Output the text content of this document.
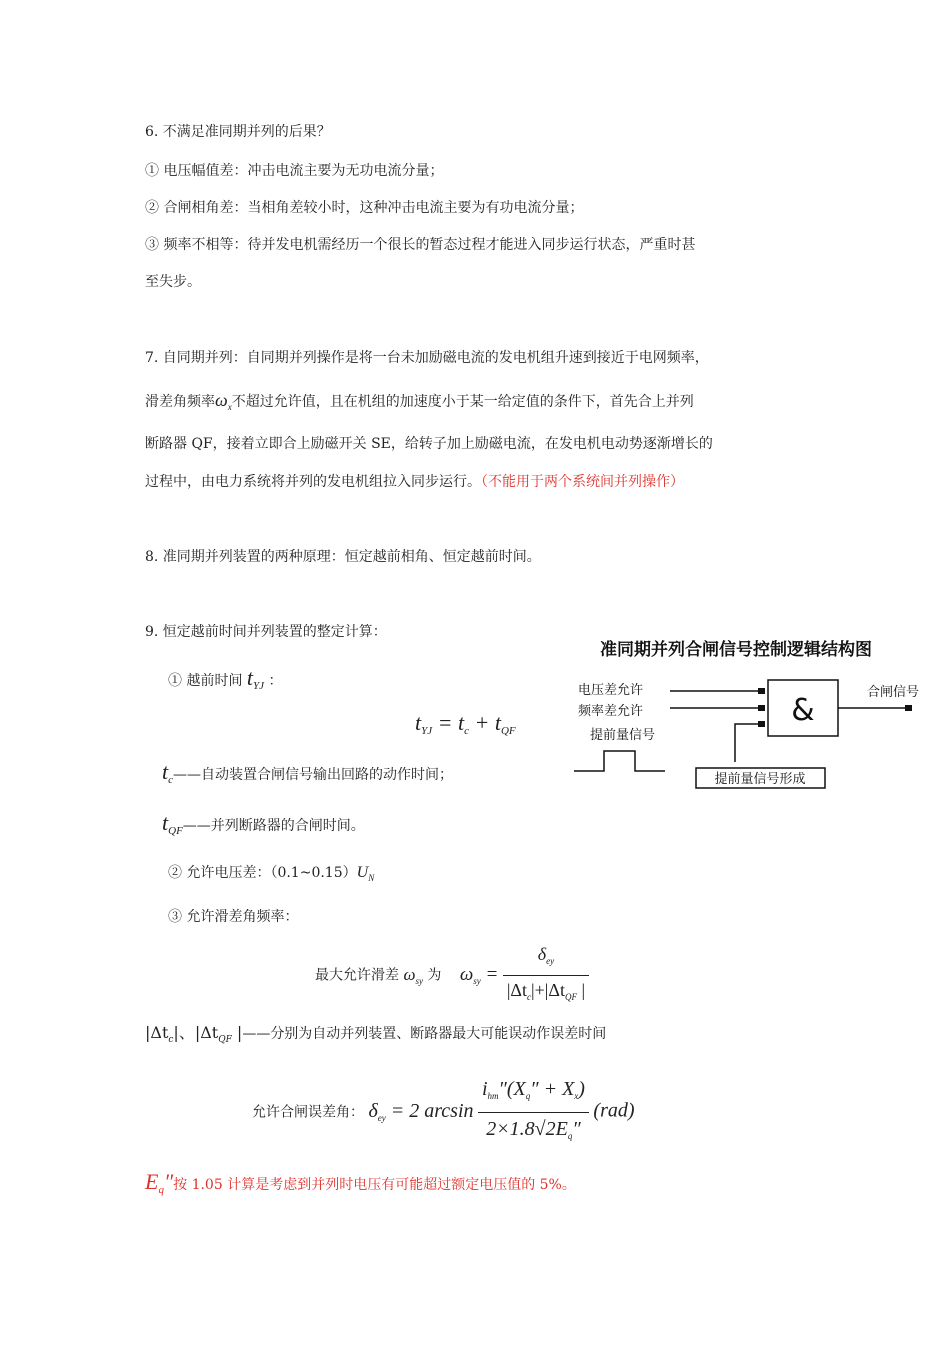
6. 不满足准同期并列的后果？
① 电压幅值差：冲击电流主要为无功电流分量；
② 合闸相角差：当相角差较小时，这种冲击电流主要为有功电流分量；
③ 频率不相等：待并发电机需经历一个很长的暂态过程才能进入同步运行状态，严重时甚
至失步。
7. 自同期并列：自同期并列操作是将一台未加励磁电流的发电机组升速到接近于电网频率，
滑差角频率$\omega_x$不超过允许值，且在机组的加速度小于某一给定值的条件下，首先合上并列
断路器 QF，接着立即合上励磁开关 SE，给转子加上励磁电流，在发电机电动势逐渐增长的
过程中，由电力系统将并列的发电机组拉入同步运行。（不能用于两个系统间并列操作）
8. 准同期并列装置的两种原理：恒定越前相角、恒定越前时间。
9. 恒定越前时间并列装置的整定计算：
① 越前时间 $t_{YJ}$ ：
$t_{YJ} = t_c + t_{QF}$
$t_c——$自动装置合闸信号输出回路的动作时间；
$t_{QF}——$并列断路器的合闸时间。
② 允许电压差：$(0.1\sim 0.15)U_N$
③ 允许滑差角频率：
最大允许滑差 $\omega_{sy}$ 为 $\omega_{sy} = \frac{\delta_{ey}}{|\Delta t_c|+|\Delta t_{QF} |}$
$|\Delta t_c|$、$|\Delta t_{QF}$ |——分别为自动并列装置、断路器最大可能误动作误差时间
允许合闸误差角： $\delta_{ey} = 2$ $\arcsin \frac{i_{hm}''(X_q'' + X_x)}{2\times 1.8√2E_q''} (rad)$
$E_q''$按 1.05 计算是考虑到并列时电压有可能超过额定电压值的 5%。
准同期并列合闸信号控制逻辑结构图
电压差允许
频率差允许
提前量信号
&
合闸信号
提前量信号形成
